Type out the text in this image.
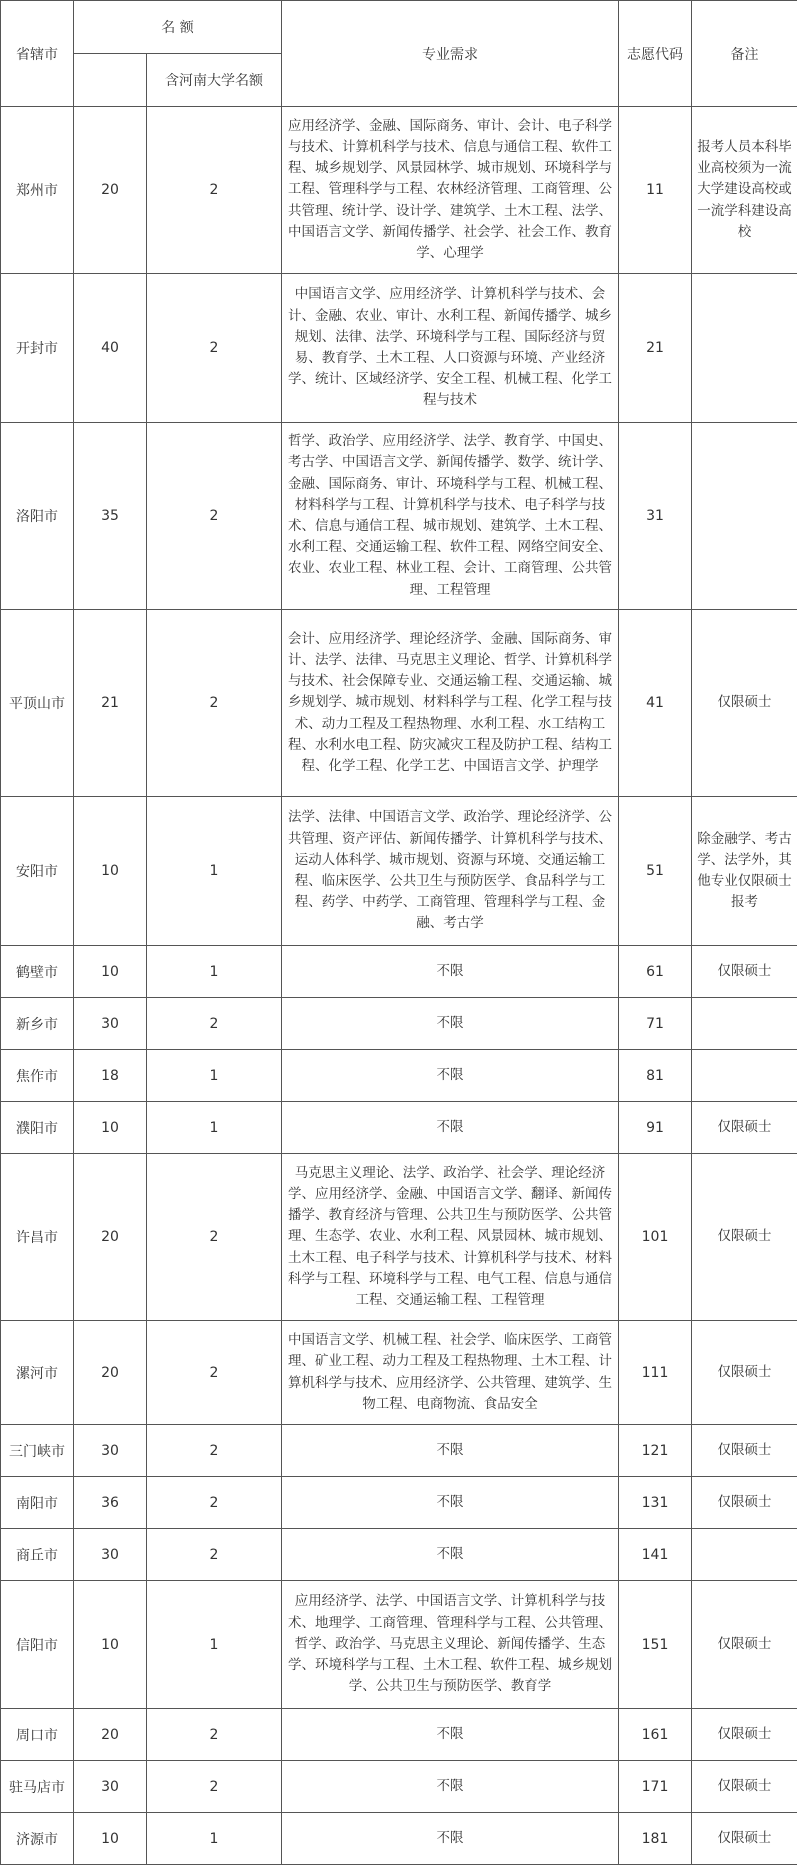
省辖市	名 额		专业需求	志愿代码	备注
		含河南大学名额			
郑州市	20	2	应用经济学、金融、国际商务、审计、会计、电子科学与技术、计算机科学与技术、信息与通信工程、软件工程、城乡规划学、风景园林学、城市规划、环境科学与工程、管理科学与工程、农林经济管理、工商管理、公共管理、统计学、设计学、建筑学、土木工程、法学、中国语言文学、新闻传播学、社会学、社会工作、教育学、心理学	11	报考人员本科毕业高校须为一流大学建设高校或一流学科建设高校
开封市	40	2	中国语言文学、应用经济学、计算机科学与技术、会计、金融、农业、审计、水利工程、新闻传播学、城乡规划、法律、法学、环境科学与工程、国际经济与贸易、教育学、土木工程、人口资源与环境、产业经济学、统计、区域经济学、安全工程、机械工程、化学工程与技术	21	
洛阳市	35	2	哲学、政治学、应用经济学、法学、教育学、中国史、考古学、中国语言文学、新闻传播学、数学、统计学、金融、国际商务、审计、环境科学与工程、机械工程、材料科学与工程、计算机科学与技术、电子科学与技术、信息与通信工程、城市规划、建筑学、土木工程、水利工程、交通运输工程、软件工程、网络空间安全、农业、农业工程、林业工程、会计、工商管理、公共管理、工程管理	31	
平顶山市	21	2	会计、应用经济学、理论经济学、金融、国际商务、审计、法学、法律、马克思主义理论、哲学、计算机科学与技术、社会保障专业、交通运输工程、交通运输、城乡规划学、城市规划、材料科学与工程、化学工程与技术、动力工程及工程热物理、水利工程、水工结构工程、水利水电工程、防灾减灾工程及防护工程、结构工程、化学工程、化学工艺、中国语言文学、护理学	41	仅限硕士
安阳市	10	1	法学、法律、中国语言文学、政治学、理论经济学、公共管理、资产评估、新闻传播学、计算机科学与技术、运动人体科学、城市规划、资源与环境、交通运输工程、临床医学、公共卫生与预防医学、食品科学与工程、药学、中药学、工商管理、管理科学与工程、金融、考古学	51	除金融学、考古学、法学外，其他专业仅限硕士报考
鹤壁市	10	1	不限	61	仅限硕士
新乡市	30	2	不限	71	
焦作市	18	1	不限	81	
濮阳市	10	1	不限	91	仅限硕士
许昌市	20	2	马克思主义理论、法学、政治学、社会学、理论经济学、应用经济学、金融、中国语言文学、翻译、新闻传播学、教育经济与管理、公共卫生与预防医学、公共管理、生态学、农业、水利工程、风景园林、城市规划、土木工程、电子科学与技术、计算机科学与技术、材料科学与工程、环境科学与工程、电气工程、信息与通信工程、交通运输工程、工程管理	101	仅限硕士
漯河市	20	2	中国语言文学、机械工程、社会学、临床医学、工商管理、矿业工程、动力工程及工程热物理、土木工程、计算机科学与技术、应用经济学、公共管理、建筑学、生物工程、电商物流、食品安全	111	仅限硕士
三门峡市	30	2	不限	121	仅限硕士
南阳市	36	2	不限	131	仅限硕士
商丘市	30	2	不限	141	
信阳市	10	1	应用经济学、法学、中国语言文学、计算机科学与技术、地理学、工商管理、管理科学与工程、公共管理、哲学、政治学、马克思主义理论、新闻传播学、生态学、环境科学与工程、土木工程、软件工程、城乡规划学、公共卫生与预防医学、教育学	151	仅限硕士
周口市	20	2	不限	161	仅限硕士
驻马店市	30	2	不限	171	仅限硕士
济源市	10	1	不限	181	仅限硕士
